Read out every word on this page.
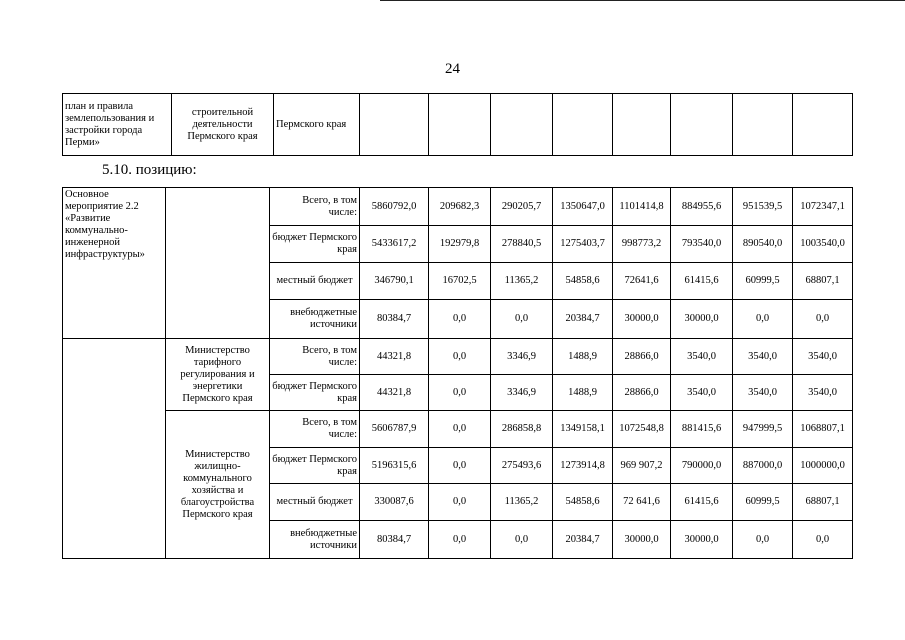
24
план и правила землепользования и застройки города Перми»	строительной деятельности Пермского края	Пермского края								
5.10. позицию:
Основное мероприятие 2.2 «Развитие коммунально-инженерной инфраструктуры»		Всего, в том числе:	5860792,0	209682,3	290205,7	1350647,0	1101414,8	884955,6	951539,5	1072347,1
		бюджет Пермского края	5433617,2	192979,8	278840,5	1275403,7	998773,2	793540,0	890540,0	1003540,0
		местный бюджет	346790,1	16702,5	11365,2	54858,6	72641,6	61415,6	60999,5	68807,1
		внебюджетные источники	80384,7	0,0	0,0	20384,7	30000,0	30000,0	0,0	0,0
	Министерство тарифного регулирования и энергетики Пермского края	Всего, в том числе:	44321,8	0,0	3346,9	1488,9	28866,0	3540,0	3540,0	3540,0
		бюджет Пермского края	44321,8	0,0	3346,9	1488,9	28866,0	3540,0	3540,0	3540,0
	Министерство жилищно-коммунального хозяйства и благоустройства Пермского края	Всего, в том числе:	5606787,9	0,0	286858,8	1349158,1	1072548,8	881415,6	947999,5	1068807,1
		бюджет Пермского края	5196315,6	0,0	275493,6	1273914,8	969 907,2	790000,0	887000,0	1000000,0
		местный бюджет	330087,6	0,0	11365,2	54858,6	72 641,6	61415,6	60999,5	68807,1
		внебюджетные источники	80384,7	0,0	0,0	20384,7	30000,0	30000,0	0,0	0,0
